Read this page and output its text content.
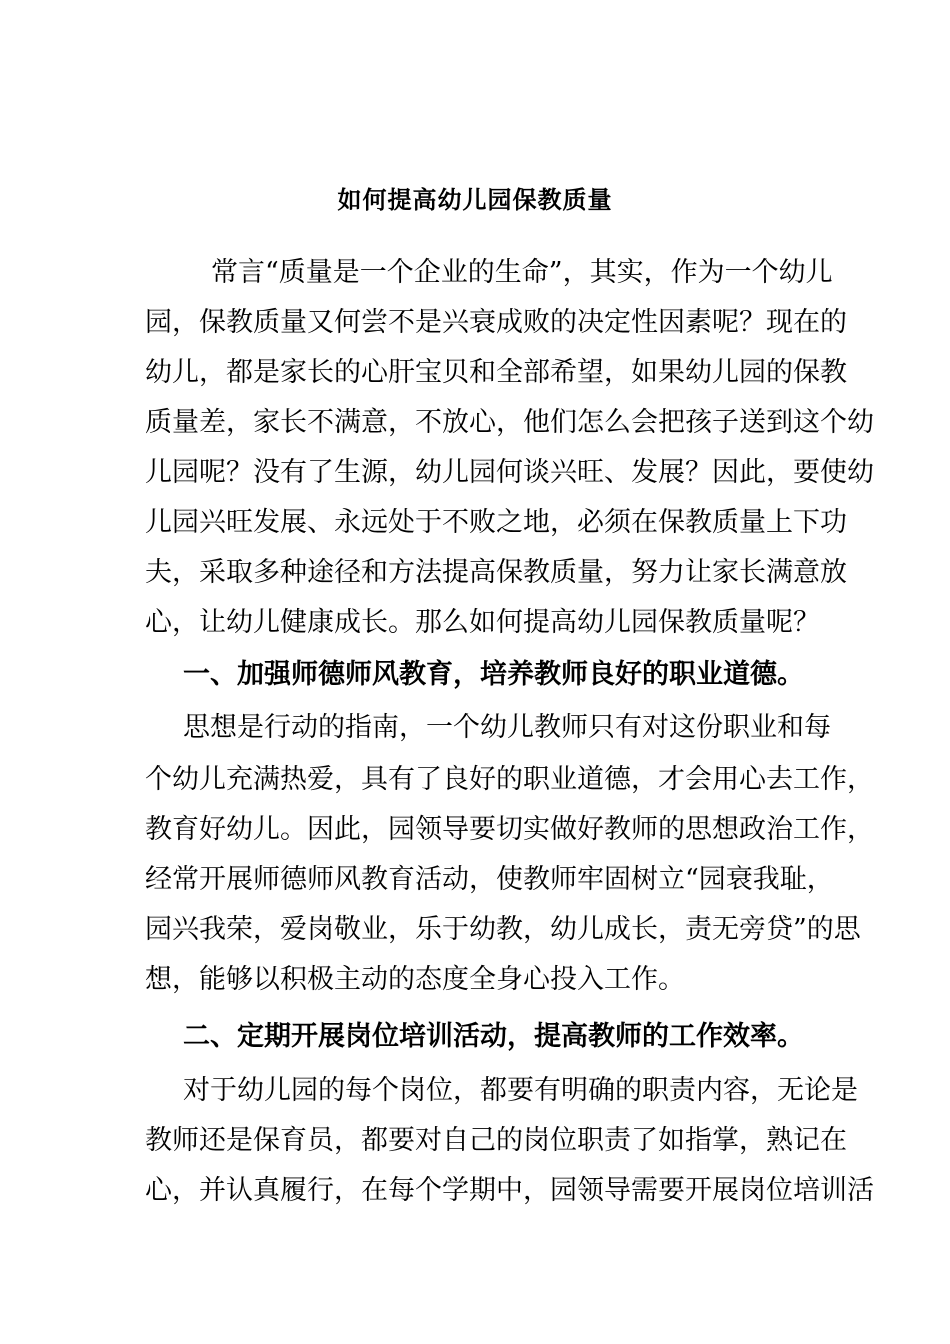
如何提高幼儿园保教质量
常言“质量是一个企业的生命”，其实，作为一个幼儿
园，保教质量又何尝不是兴衰成败的决定性因素呢？现在的
幼儿，都是家长的心肝宝贝和全部希望，如果幼儿园的保教
质量差，家长不满意，不放心，他们怎么会把孩子送到这个幼
儿园呢？没有了生源，幼儿园何谈兴旺、发展？因此，要使幼
儿园兴旺发展、永远处于不败之地，必须在保教质量上下功
夫，采取多种途径和方法提高保教质量，努力让家长满意放
心，让幼儿健康成长。那么如何提高幼儿园保教质量呢？
一、加强师德师风教育，培养教师良好的职业道德。
思想是行动的指南，一个幼儿教师只有对这份职业和每
个幼儿充满热爱，具有了良好的职业道德，才会用心去工作，
教育好幼儿。因此，园领导要切实做好教师的思想政治工作，
经常开展师德师风教育活动，使教师牢固树立“园衰我耻，
园兴我荣，爱岗敬业，乐于幼教，幼儿成长，责无旁贷”的思
想，能够以积极主动的态度全身心投入工作。
二、定期开展岗位培训活动，提高教师的工作效率。
对于幼儿园的每个岗位，都要有明确的职责内容，无论是
教师还是保育员，都要对自己的岗位职责了如指掌，熟记在
心，并认真履行，在每个学期中，园领导需要开展岗位培训活
